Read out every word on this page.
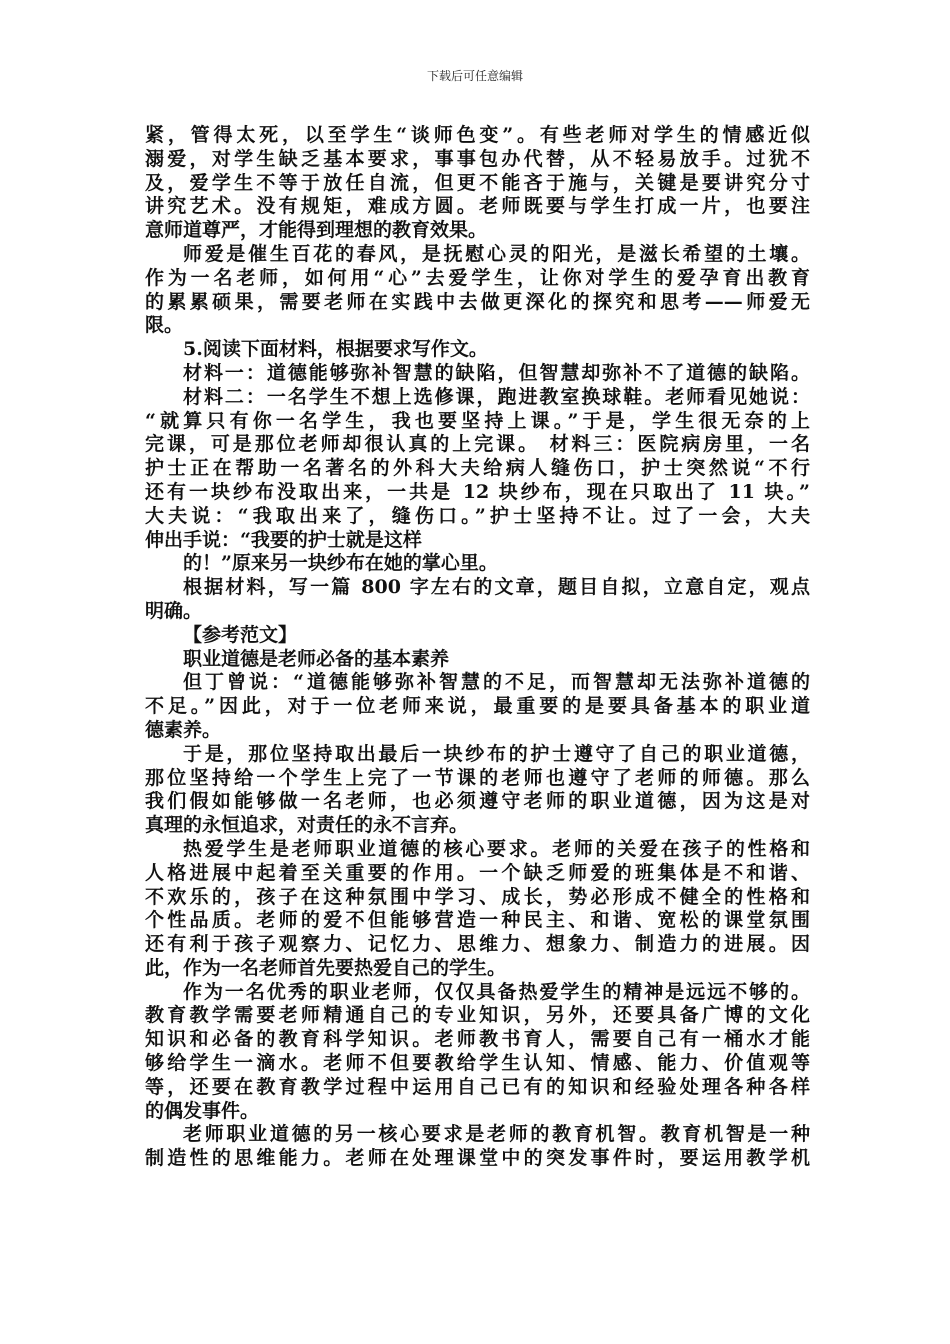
下载后可任意编辑
紧，管得太死，以至学生“谈师色变”。有些老师对学生的情感近似
溺爱，对学生缺乏基本要求，事事包办代替，从不轻易放手。过犹不
及，爱学生不等于放任自流，但更不能吝于施与，关键是要讲究分寸
讲究艺术。没有规矩，难成方圆。老师既要与学生打成一片，也要注
意师道尊严，才能得到理想的教育效果。
师爱是催生百花的春风，是抚慰心灵的阳光，是滋长希望的土壤。
作为一名老师，如何用“心”去爱学生，让你对学生的爱孕育出教育
的累累硕果，需要老师在实践中去做更深化的探究和思考——师爱无
限。
5.阅读下面材料，根据要求写作文。
材料一：道德能够弥补智慧的缺陷，但智慧却弥补不了道德的缺陷。
材料二：一名学生不想上选修课，跑进教室换球鞋。老师看见她说：
“就算只有你一名学生，我也要坚持上课。”于是，学生很无奈的上
完课，可是那位老师却很认真的上完课。 材料三：医院病房里，一名
护士正在帮助一名著名的外科大夫给病人缝伤口，护士突然说“不行
还有一块纱布没取出来，一共是 12 块纱布，现在只取出了 11 块。”
大夫说：“我取出来了，缝伤口。”护士坚持不让。过了一会，大夫
伸出手说：“我要的护士就是这样
的！”原来另一块纱布在她的掌心里。
根据材料，写一篇 800 字左右的文章，题目自拟，立意自定，观点
明确。
【参考范文】
职业道德是老师必备的基本素养
但丁曾说：“道德能够弥补智慧的不足，而智慧却无法弥补道德的
不足。”因此，对于一位老师来说，最重要的是要具备基本的职业道
德素养。
于是，那位坚持取出最后一块纱布的护士遵守了自己的职业道德，
那位坚持给一个学生上完了一节课的老师也遵守了老师的师德。那么
我们假如能够做一名老师，也必须遵守老师的职业道德，因为这是对
真理的永恒追求，对责任的永不言弃。
热爱学生是老师职业道德的核心要求。老师的关爱在孩子的性格和
人格进展中起着至关重要的作用。一个缺乏师爱的班集体是不和谐、
不欢乐的，孩子在这种氛围中学习、成长，势必形成不健全的性格和
个性品质。老师的爱不但能够营造一种民主、和谐、宽松的课堂氛围
还有利于孩子观察力、记忆力、思维力、想象力、制造力的进展。因
此，作为一名老师首先要热爱自己的学生。
作为一名优秀的职业老师，仅仅具备热爱学生的精神是远远不够的。
教育教学需要老师精通自己的专业知识，另外，还要具备广博的文化
知识和必备的教育科学知识。老师教书育人，需要自己有一桶水才能
够给学生一滴水。老师不但要教给学生认知、情感、能力、价值观等
等，还要在教育教学过程中运用自己已有的知识和经验处理各种各样
的偶发事件。
老师职业道德的另一核心要求是老师的教育机智。教育机智是一种
制造性的思维能力。老师在处理课堂中的突发事件时，要运用教学机
